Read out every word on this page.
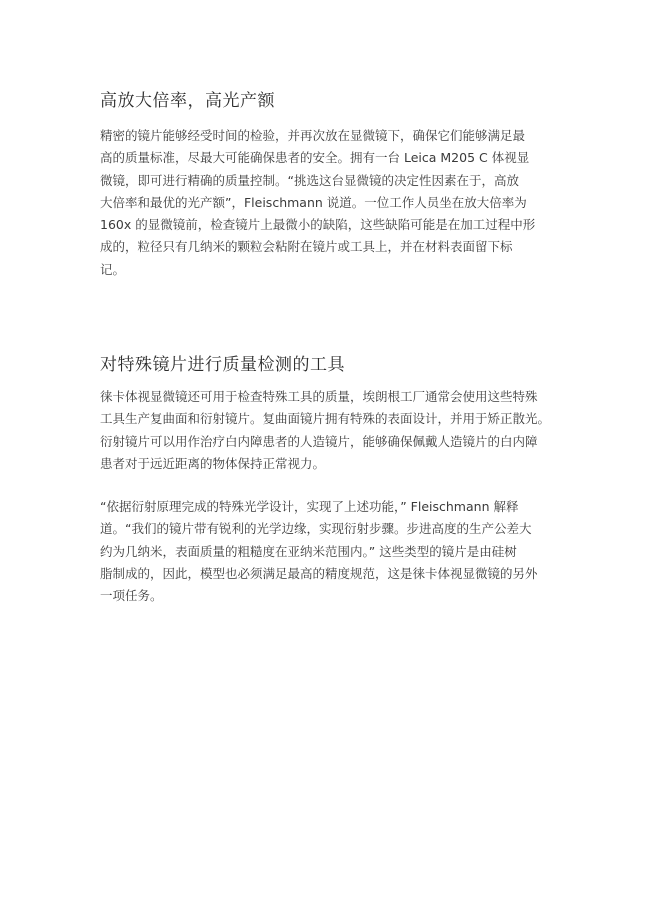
高放大倍率，高光产额
精密的镜片能够经受时间的检验，并再次放在显微镜下，确保它们能够满足最
高的质量标准，尽最大可能确保患者的安全。拥有一台 Leica M205 C 体视显
微镜，即可进行精确的质量控制。“挑选这台显微镜的决定性因素在于，高放
大倍率和最优的光产额”，Fleischmann 说道。一位工作人员坐在放大倍率为
160x 的显微镜前，检查镜片上最微小的缺陷，这些缺陷可能是在加工过程中形
成的，粒径只有几纳米的颗粒会粘附在镜片或工具上，并在材料表面留下标
记。
对特殊镜片进行质量检测的工具
徕卡体视显微镜还可用于检查特殊工具的质量，埃朗根工厂通常会使用这些特殊
工具生产复曲面和衍射镜片。复曲面镜片拥有特殊的表面设计，并用于矫正散光。
衍射镜片可以用作治疗白内障患者的人造镜片，能够确保佩戴人造镜片的白内障
患者对于远近距离的物体保持正常视力。
“依据衍射原理完成的特殊光学设计，实现了上述功能，” Fleischmann 解释
道。“我们的镜片带有锐利的光学边缘，实现衍射步骤。步进高度的生产公差大
约为几纳米，表面质量的粗糙度在亚纳米范围内。” 这些类型的镜片是由硅树
脂制成的，因此，模型也必须满足最高的精度规范，这是徕卡体视显微镜的另外
一项任务。
